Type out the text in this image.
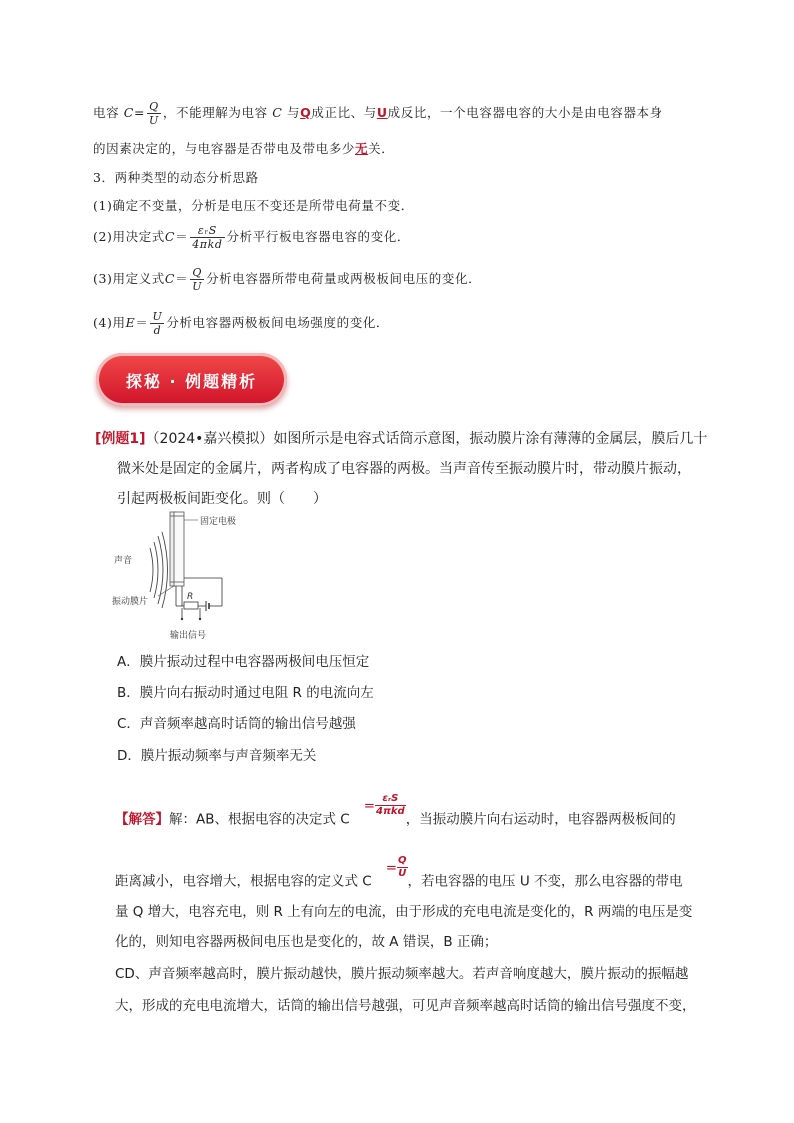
电容 $C= \frac{Q}{U}$ ，不能理解为电容 C 与Q成正比、与U成反比，一个电容器电容的大小是由电容器本身
的因素决定的，与电容器是否带电及带电多少无关．
3．两种类型的动态分析思路
(1)确定不变量，分析是电压不变还是所带电荷量不变．
(2)用决定式$C= \frac{\text{εᵣS}}{\text{4πkd}}$ 分析平行板电容器电容的变化．
(3)用定义式$C= \frac{Q}{U}$ 分析电容器所带电荷量或两极板间电压的变化．
(4)用$E= \frac{U}{d}$ 分析电容器两极板间电场强度的变化．
探秘 · 例题精析
[例题1]（2024•嘉兴模拟）如图所示是电容式话筒示意图，振动膜片涂有薄薄的金属层，膜后几十
微米处是固定的金属片，两者构成了电容器的两极。当声音传至振动膜片时，带动膜片振动，
引起两极板间距变化。则（　　）
固定电极
声音
振动膜片	R
输出信号
A．膜片振动过程中电容器两极间电压恒定
B．膜片向右振动时通过电阻 R 的电流向左
C．声音频率越高时话筒的输出信号越强
D．膜片振动频率与声音频率无关
【解答】解：AB、根据电容的决定式 $C= \frac{\text{εᵣS}}{\text{4πkd}}$
，当振动膜片向右运动时，电容器两极板间的
距离减小，电容增大，根据电容的定义式 $C= \frac{Q}{U}$
，若电容器的电压 U 不变，那么电容器的带电
量 Q 增大，电容充电，则 R 上有向左的电流，由于形成的充电电流是变化的，R 两端的电压是变
化的，则知电容器两极间电压也是变化的，故 A 错误，B 正确；
CD、声音频率越高时，膜片振动越快，膜片振动频率越大。若声音响度越大，膜片振动的振幅越
大，形成的充电电流增大，话筒的输出信号越强，可见声音频率越高时话筒的输出信号强度不变，
